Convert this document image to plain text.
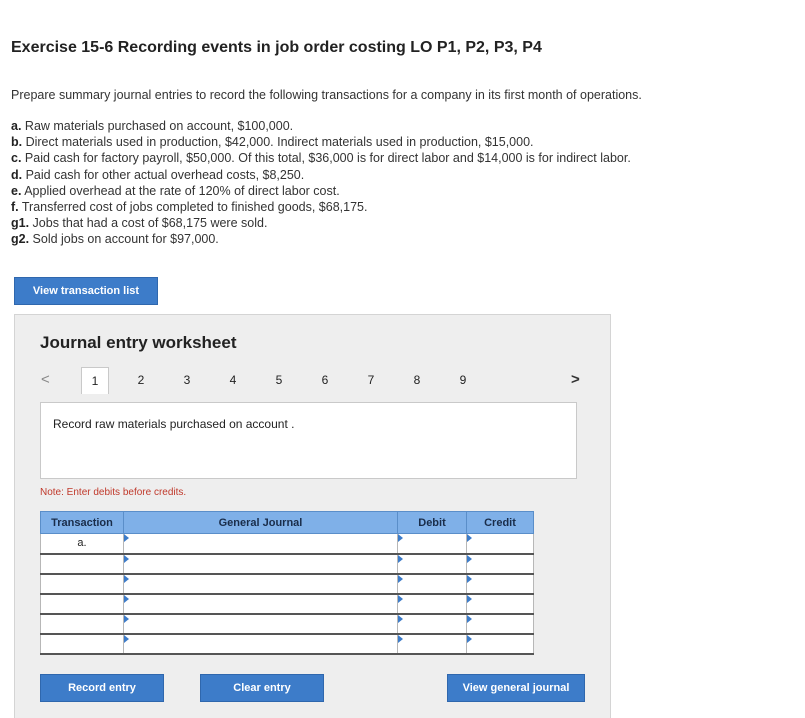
Exercise 15-6 Recording events in job order costing LO P1, P2, P3, P4
Prepare summary journal entries to record the following transactions for a company in its first month of operations.
a. Raw materials purchased on account, $100,000.
b. Direct materials used in production, $42,000. Indirect materials used in production, $15,000.
c. Paid cash for factory payroll, $50,000. Of this total, $36,000 is for direct labor and $14,000 is for indirect labor.
d. Paid cash for other actual overhead costs, $8,250.
e. Applied overhead at the rate of 120% of direct labor cost.
f. Transferred cost of jobs completed to finished goods, $68,175.
g1. Jobs that had a cost of $68,175 were sold.
g2. Sold jobs on account for $97,000.
View transaction list
Journal entry worksheet
<	1	2	3	4	5	6	7	8	9	>
Record raw materials purchased on account .
Note: Enter debits before credits.
Transaction	General Journal	Debit	Credit
a.	

Record entry	Clear entry	View general journal
